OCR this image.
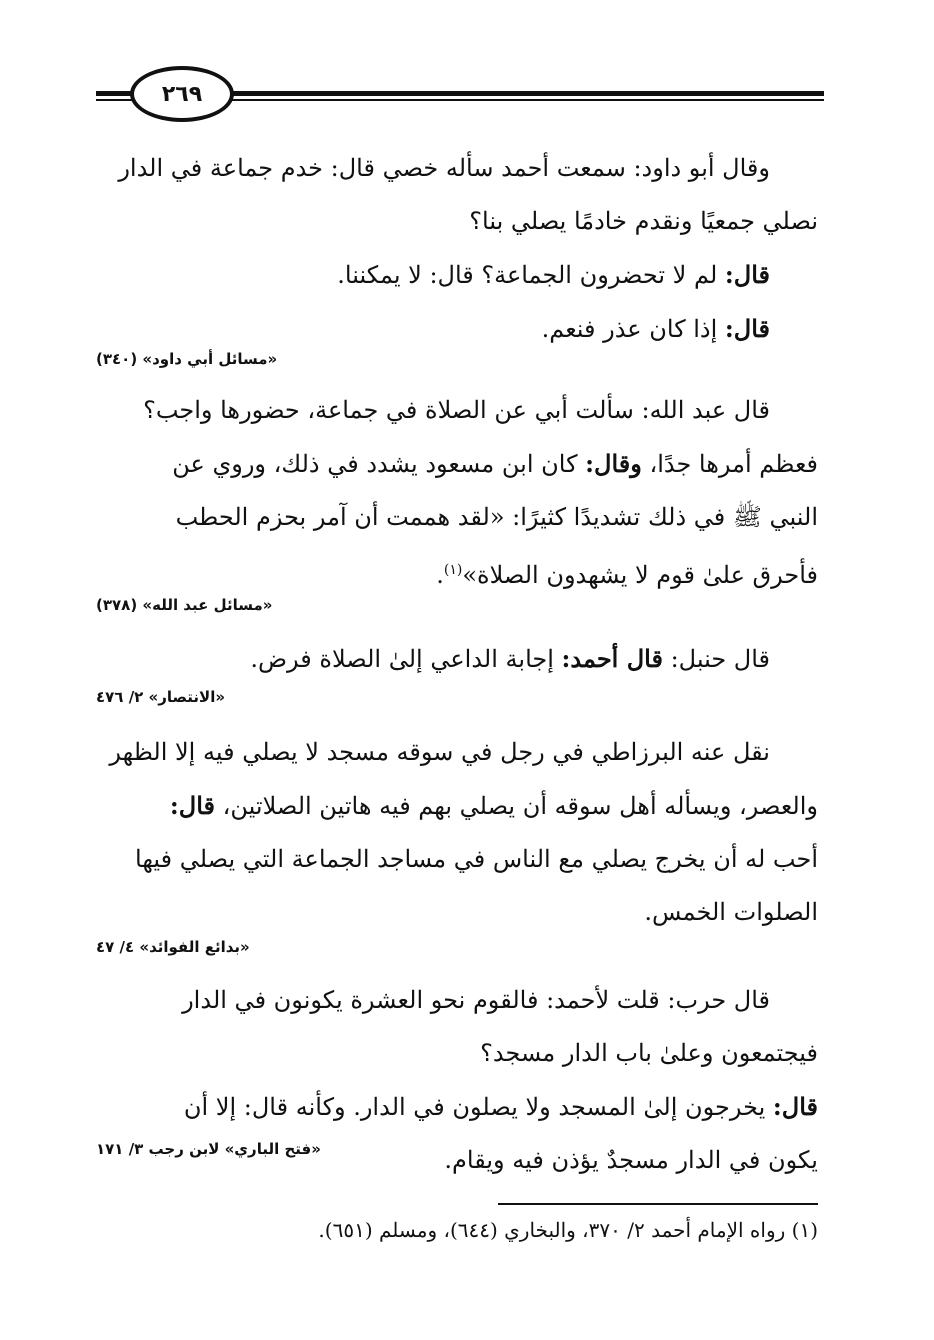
٢٦٩
وقال أبو داود: سمعت أحمد سأله خصي قال: خدم جماعة في الدار
نصلي جمعيًا ونقدم خادمًا يصلي بنا؟
قال: لم لا تحضرون الجماعة؟ قال: لا يمكننا.
قال: إذا كان عذر فنعم.
«مسائل أبي داود» (٣٤٠)
قال عبد الله: سألت أبي عن الصلاة في جماعة، حضورها واجب؟
فعظم أمرها جدًا، وقال: كان ابن مسعود يشدد في ذلك، وروي عن
النبي ﷺ في ذلك تشديدًا كثيرًا: «لقد هممت أن آمر بحزم الحطب
فأحرق علىٰ قوم لا يشهدون الصلاة»$^{(١)}$.
«مسائل عبد الله» (٣٧٨)
قال حنبل: قال أحمد: إجابة الداعي إلىٰ الصلاة فرض.
«الانتصار» ٢/ ٤٧٦
نقل عنه البرزاطي في رجل في سوقه مسجد لا يصلي فيه إلا الظهر
والعصر، ويسأله أهل سوقه أن يصلي بهم فيه هاتين الصلاتين، قال:
أحب له أن يخرج يصلي مع الناس في مساجد الجماعة التي يصلي فيها
الصلوات الخمس.
«بدائع الفوائد» ٤/ ٤٧
قال حرب: قلت لأحمد: فالقوم نحو العشرة يكونون في الدار
فيجتمعون وعلىٰ باب الدار مسجد؟
قال: يخرجون إلىٰ المسجد ولا يصلون في الدار. وكأنه قال: إلا أن
يكون في الدار مسجدٌ يؤذن فيه ويقام.
«فتح الباري» لابن رجب ٣/ ١٧١
(١) رواه الإمام أحمد ٢/ ٣٧٠، والبخاري (٦٤٤)، ومسلم (٦٥١).
